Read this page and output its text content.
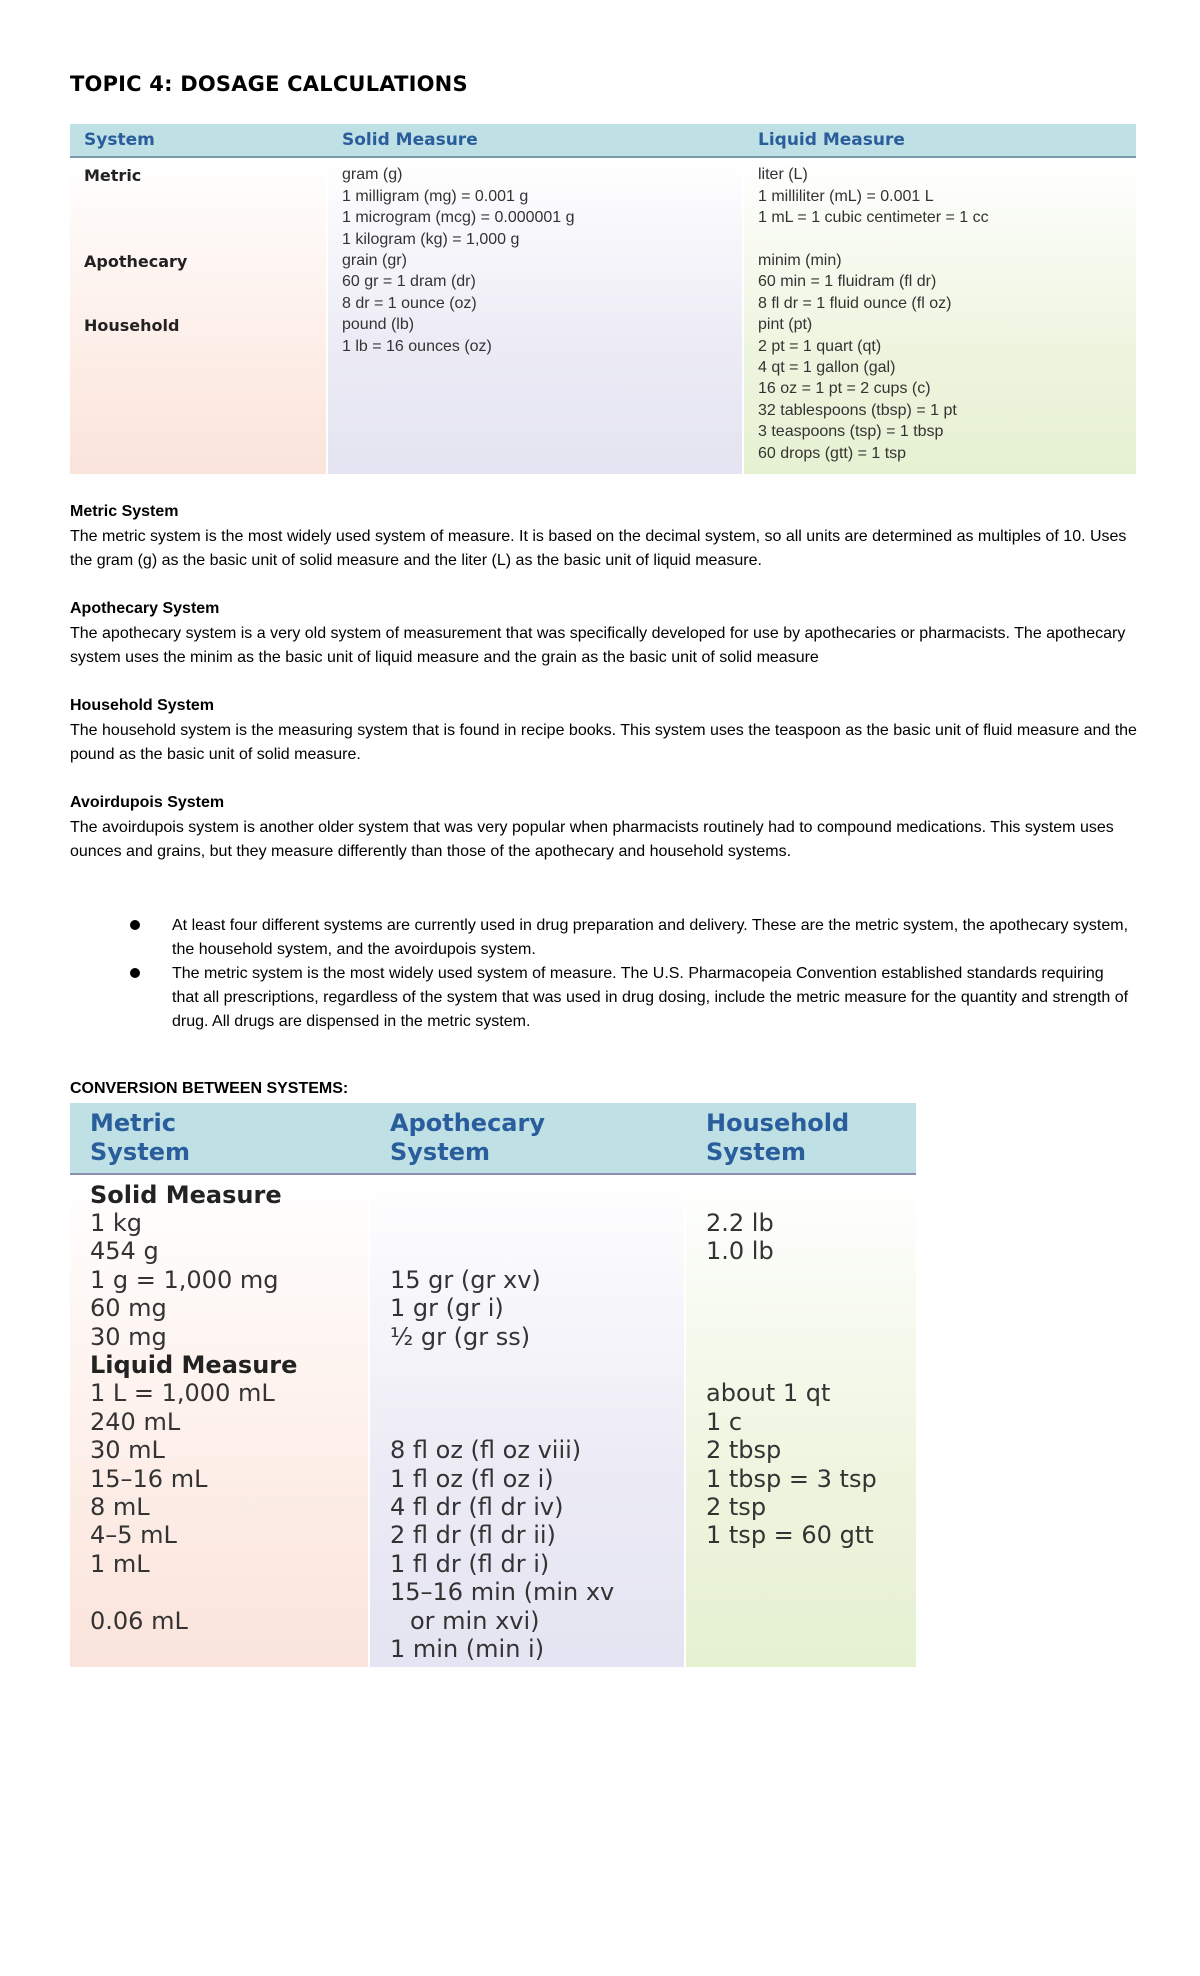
TOPIC 4: DOSAGE CALCULATIONS
System	Solid Measure	Liquid Measure
Metric
Apothecary
Household
gram (g)
1 milligram (mg) = 0.001 g
1 microgram (mcg) = 0.000001 g
1 kilogram (kg) = 1,000 g
grain (gr)
60 gr = 1 dram (dr)
8 dr = 1 ounce (oz)
pound (lb)
1 lb = 16 ounces (oz)
liter (L)
1 milliliter (mL) = 0.001 L
1 mL = 1 cubic centimeter = 1 cc
minim (min)
60 min = 1 fluidram (fl dr)
8 fl dr = 1 fluid ounce (fl oz)
pint (pt)
2 pt = 1 quart (qt)
4 qt = 1 gallon (gal)
16 oz = 1 pt = 2 cups (c)
32 tablespoons (tbsp) = 1 pt
3 teaspoons (tsp) = 1 tbsp
60 drops (gtt) = 1 tsp
Metric System
The metric system is the most widely used system of measure. It is based on the decimal system, so all units are determined as multiples of 10. Uses the gram (g) as the basic unit of solid measure and the liter (L) as the basic unit of liquid measure.
Apothecary System
The apothecary system is a very old system of measurement that was specifically developed for use by apothecaries or pharmacists. The apothecary system uses the minim as the basic unit of liquid measure and the grain as the basic unit of solid measure
Household System
The household system is the measuring system that is found in recipe books. This system uses the teaspoon as the basic unit of fluid measure and the pound as the basic unit of solid measure.
Avoirdupois System
The avoirdupois system is another older system that was very popular when pharmacists routinely had to compound medications. This system uses ounces and grains, but they measure differently than those of the apothecary and household systems.
At least four different systems are currently used in drug preparation and delivery. These are the metric system, the apothecary system, the household system, and the avoirdupois system.
The metric system is the most widely used system of measure. The U.S. Pharmacopeia Convention established standards requiring that all prescriptions, regardless of the system that was used in drug dosing, include the metric measure for the quantity and strength of drug. All drugs are dispensed in the metric system.
CONVERSION BETWEEN SYSTEMS:
Metric
System
Apothecary
System
Household
System
Solid Measure
1 kg
454 g
1 g = 1,000 mg
60 mg
30 mg
Liquid Measure
1 L = 1,000 mL
240 mL
30 mL
15–16 mL
8 mL
4–5 mL
1 mL
0.06 mL
15 gr (gr xv)
1 gr (gr i)
½ gr (gr ss)
8 fl oz (fl oz viii)
1 fl oz (fl oz i)
4 fl dr (fl dr iv)
2 fl dr (fl dr ii)
1 fl dr (fl dr i)
15–16 min (min xv
or min xvi)
1 min (min i)
2.2 lb
1.0 lb
about 1 qt
1 c
2 tbsp
1 tbsp = 3 tsp
2 tsp
1 tsp = 60 gtt
